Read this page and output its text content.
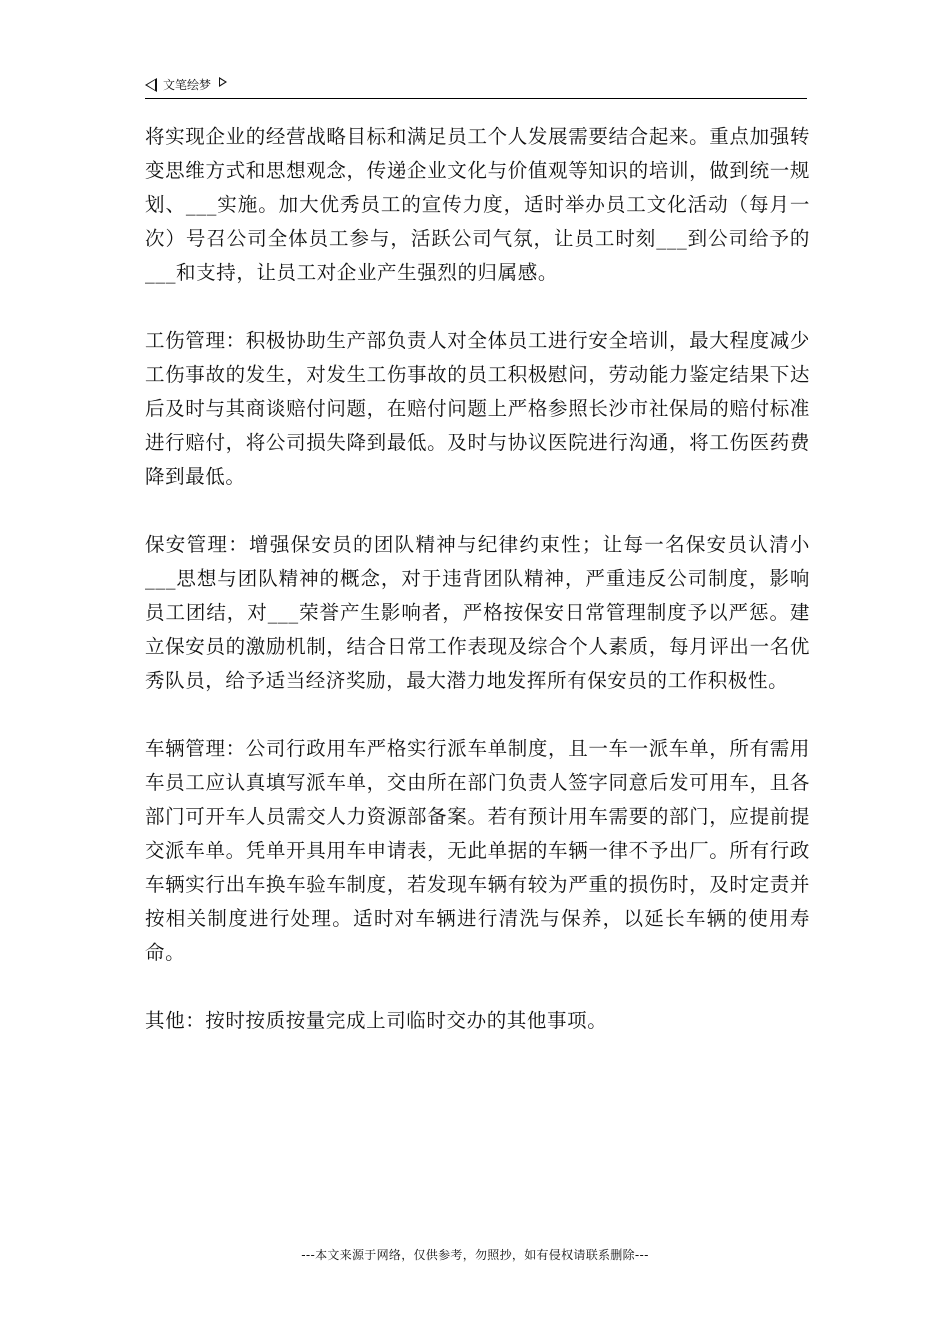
文笔绘梦

将实现企业的经营战略目标和满足员工个人发展需要结合起来。重点加强转变思维方式和思想观念，传递企业文化与价值观等知识的培训，做到统一规划、___实施。加大优秀员工的宣传力度，适时举办员工文化活动（每月一次）号召公司全体员工参与，活跃公司气氛，让员工时刻___到公司给予的___和支持，让员工对企业产生强烈的归属感。

工伤管理：积极协助生产部负责人对全体员工进行安全培训，最大程度减少工伤事故的发生，对发生工伤事故的员工积极慰问，劳动能力鉴定结果下达后及时与其商谈赔付问题，在赔付问题上严格参照长沙市社保局的赔付标准进行赔付，将公司损失降到最低。及时与协议医院进行沟通，将工伤医药费降到最低。

保安管理：增强保安员的团队精神与纪律约束性；让每一名保安员认清小___思想与团队精神的概念，对于违背团队精神，严重违反公司制度，影响员工团结，对___荣誉产生影响者，严格按保安日常管理制度予以严惩。建立保安员的激励机制，结合日常工作表现及综合个人素质，每月评出一名优秀队员，给予适当经济奖励，最大潜力地发挥所有保安员的工作积极性。

车辆管理：公司行政用车严格实行派车单制度，且一车一派车单，所有需用车员工应认真填写派车单，交由所在部门负责人签字同意后发可用车，且各部门可开车人员需交人力资源部备案。若有预计用车需要的部门，应提前提交派车单。凭单开具用车申请表，无此单据的车辆一律不予出厂。所有行政车辆实行出车换车验车制度，若发现车辆有较为严重的损伤时，及时定责并按相关制度进行处理。适时对车辆进行清洗与保养，以延长车辆的使用寿命。

其他：按时按质按量完成上司临时交办的其他事项。

---本文来源于网络，仅供参考，勿照抄，如有侵权请联系删除---
